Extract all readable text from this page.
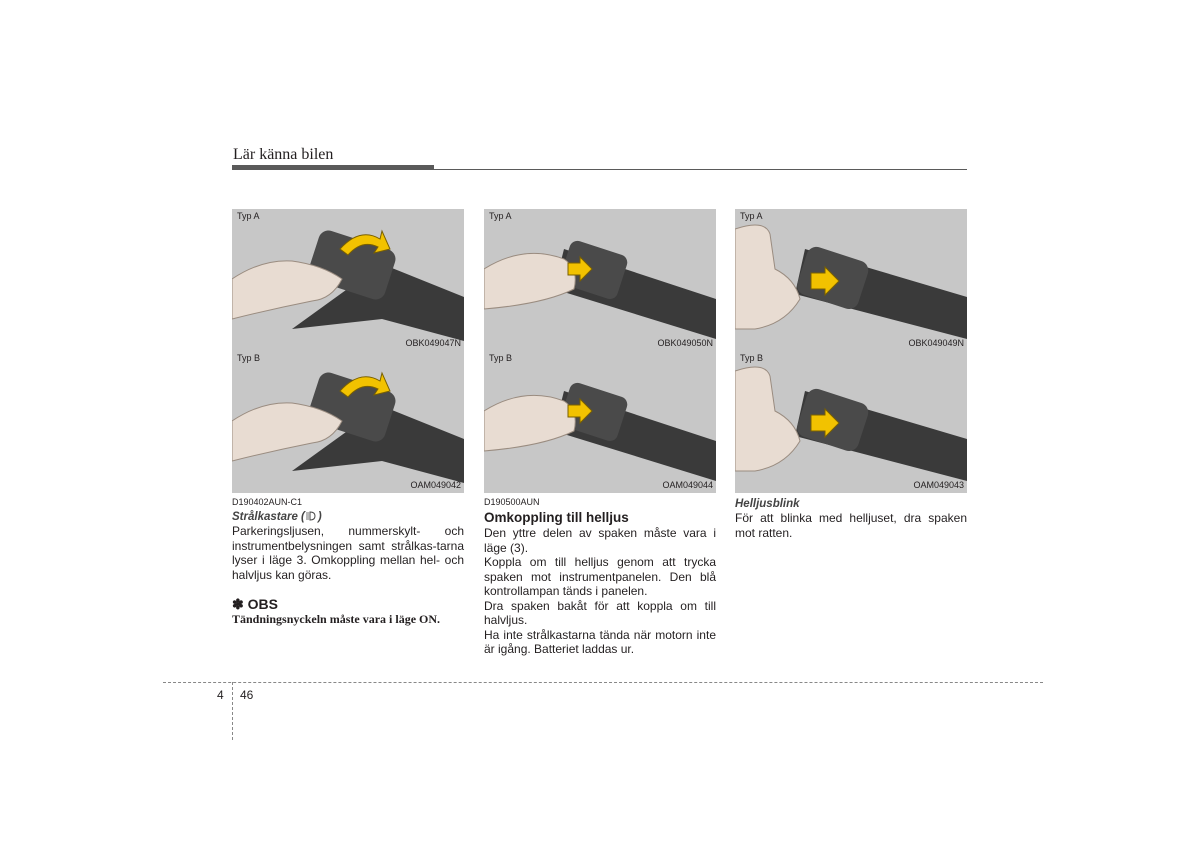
Lär känna bilen
Typ A
OBK049047N
Typ B
OAM049042
Typ A
OBK049050N
Typ B
OAM049044
Typ A
OBK049049N
Typ B
OAM049043
D190402AUN-C1
Strålkastare ( )

Parkeringsljusen, nummerskylt- och instrumentbelysningen samt strålkas-tarna lyser i läge 3. Omkoppling mellan hel- och halvljus kan göras.

✽ OBS

Tändningsnyckeln måste vara i läge ON.

D190500AUN
Omkoppling till helljus

Den yttre delen av spaken måste vara i läge (3).

Koppla om till helljus genom att trycka spaken mot instrumentpanelen. Den blå kontrollampan tänds i panelen.

Dra spaken bakåt för att koppla om till halvljus.

Ha inte strålkastarna tända när motorn inte är igång. Batteriet laddas ur.

Helljusblink

För att blinka med helljuset, dra spaken mot ratten.

4 46
